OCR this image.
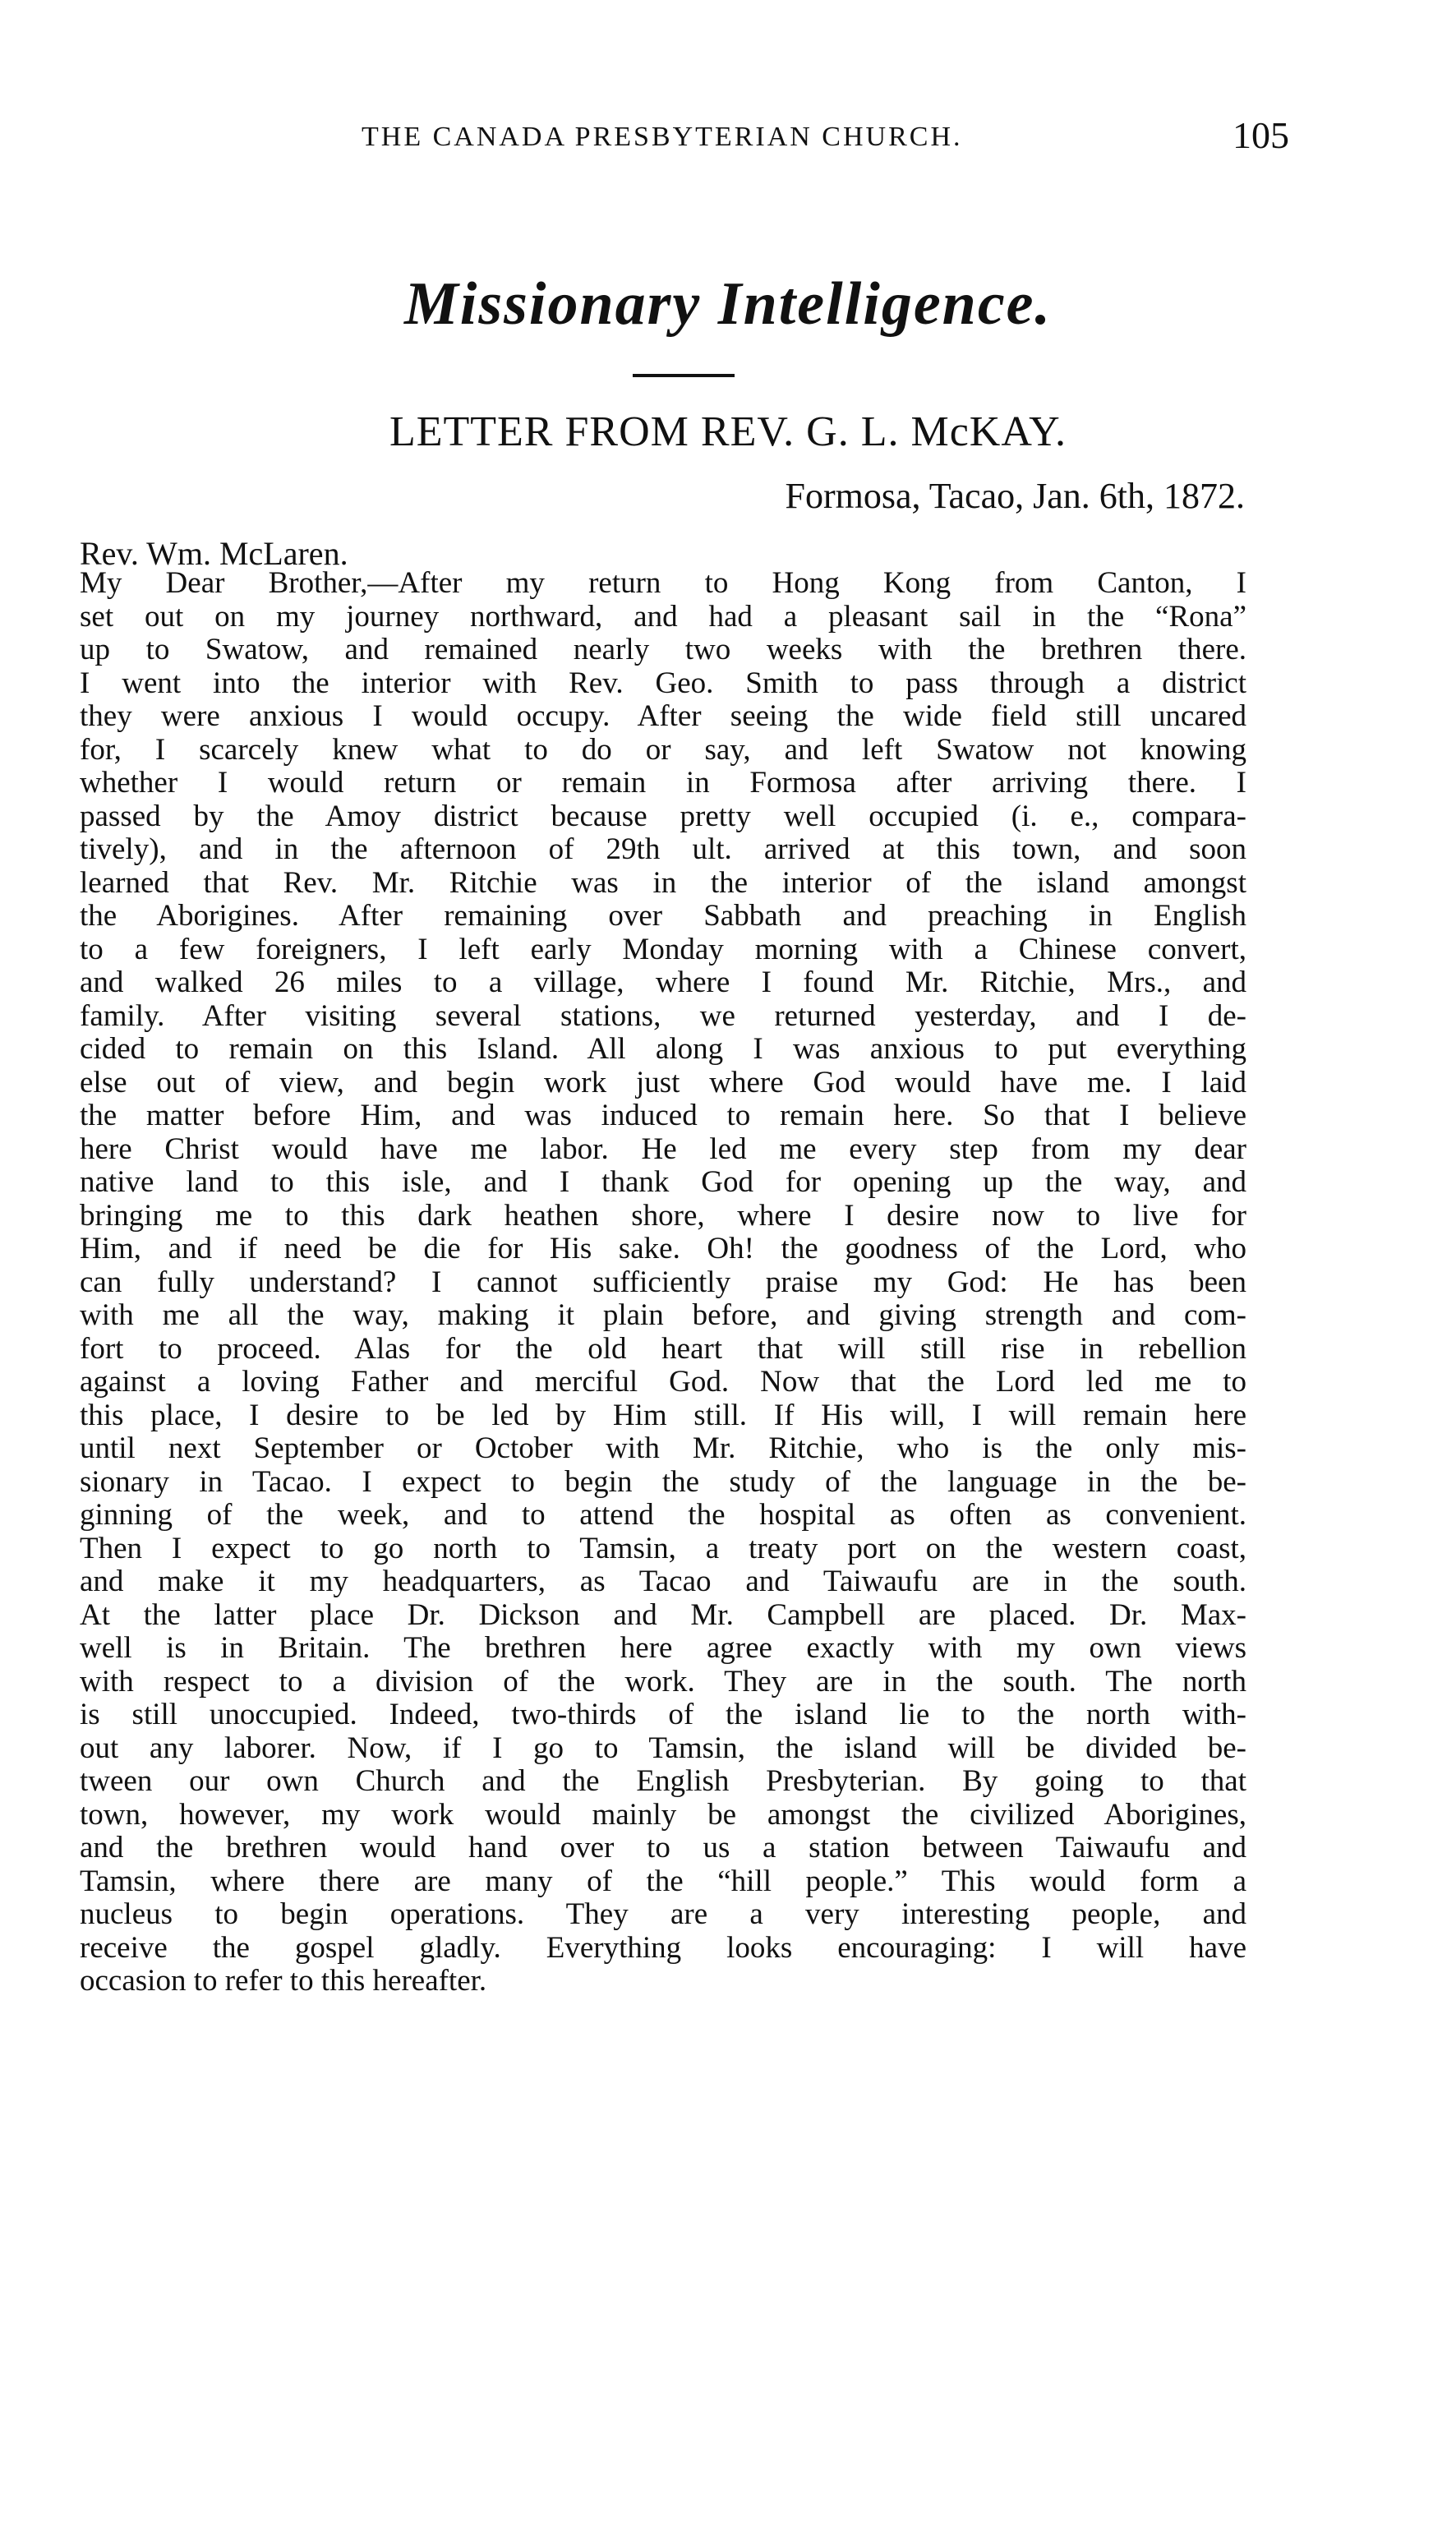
THE CANADA PRESBYTERIAN CHURCH.	105
Missionary Intelligence.
LETTER FROM REV. G. L. McKAY.
Formosa, Tacao, Jan. 6th, 1872.
Rev. Wm. McLaren.
My Dear Brother,—After my return to Hong Kong from Canton, I
set out on my journey northward, and had a pleasant sail in the “Rona”
up to Swatow, and remained nearly two weeks with the brethren there.
I went into the interior with Rev. Geo. Smith to pass through a district
they were anxious I would occupy. After seeing the wide field still uncared
for, I scarcely knew what to do or say, and left Swatow not knowing
whether I would return or remain in Formosa after arriving there. I
passed by the Amoy district because pretty well occupied (i. e., compara-
tively), and in the afternoon of 29th ult. arrived at this town, and soon
learned that Rev. Mr. Ritchie was in the interior of the island amongst
the Aborigines. After remaining over Sabbath and preaching in English
to a few foreigners, I left early Monday morning with a Chinese convert,
and walked 26 miles to a village, where I found Mr. Ritchie, Mrs., and
family. After visiting several stations, we returned yesterday, and I de-
cided to remain on this Island. All along I was anxious to put everything
else out of view, and begin work just where God would have me. I laid
the matter before Him, and was induced to remain here. So that I believe
here Christ would have me labor. He led me every step from my dear
native land to this isle, and I thank God for opening up the way, and
bringing me to this dark heathen shore, where I desire now to live for
Him, and if need be die for His sake. Oh! the goodness of the Lord, who
can fully understand? I cannot sufficiently praise my God: He has been
with me all the way, making it plain before, and giving strength and com-
fort to proceed. Alas for the old heart that will still rise in rebellion
against a loving Father and merciful God. Now that the Lord led me to
this place, I desire to be led by Him still. If His will, I will remain here
until next September or October with Mr. Ritchie, who is the only mis-
sionary in Tacao. I expect to begin the study of the language in the be-
ginning of the week, and to attend the hospital as often as convenient.
Then I expect to go north to Tamsin, a treaty port on the western coast,
and make it my headquarters, as Tacao and Taiwaufu are in the south.
At the latter place Dr. Dickson and Mr. Campbell are placed. Dr. Max-
well is in Britain. The brethren here agree exactly with my own views
with respect to a division of the work. They are in the south. The north
is still unoccupied. Indeed, two-thirds of the island lie to the north with-
out any laborer. Now, if I go to Tamsin, the island will be divided be-
tween our own Church and the English Presbyterian. By going to that
town, however, my work would mainly be amongst the civilized Aborigines,
and the brethren would hand over to us a station between Taiwaufu and
Tamsin, where there are many of the “hill people.” This would form a
nucleus to begin operations. They are a very interesting people, and
receive the gospel gladly. Everything looks encouraging: I will have
occasion to refer to this hereafter.
